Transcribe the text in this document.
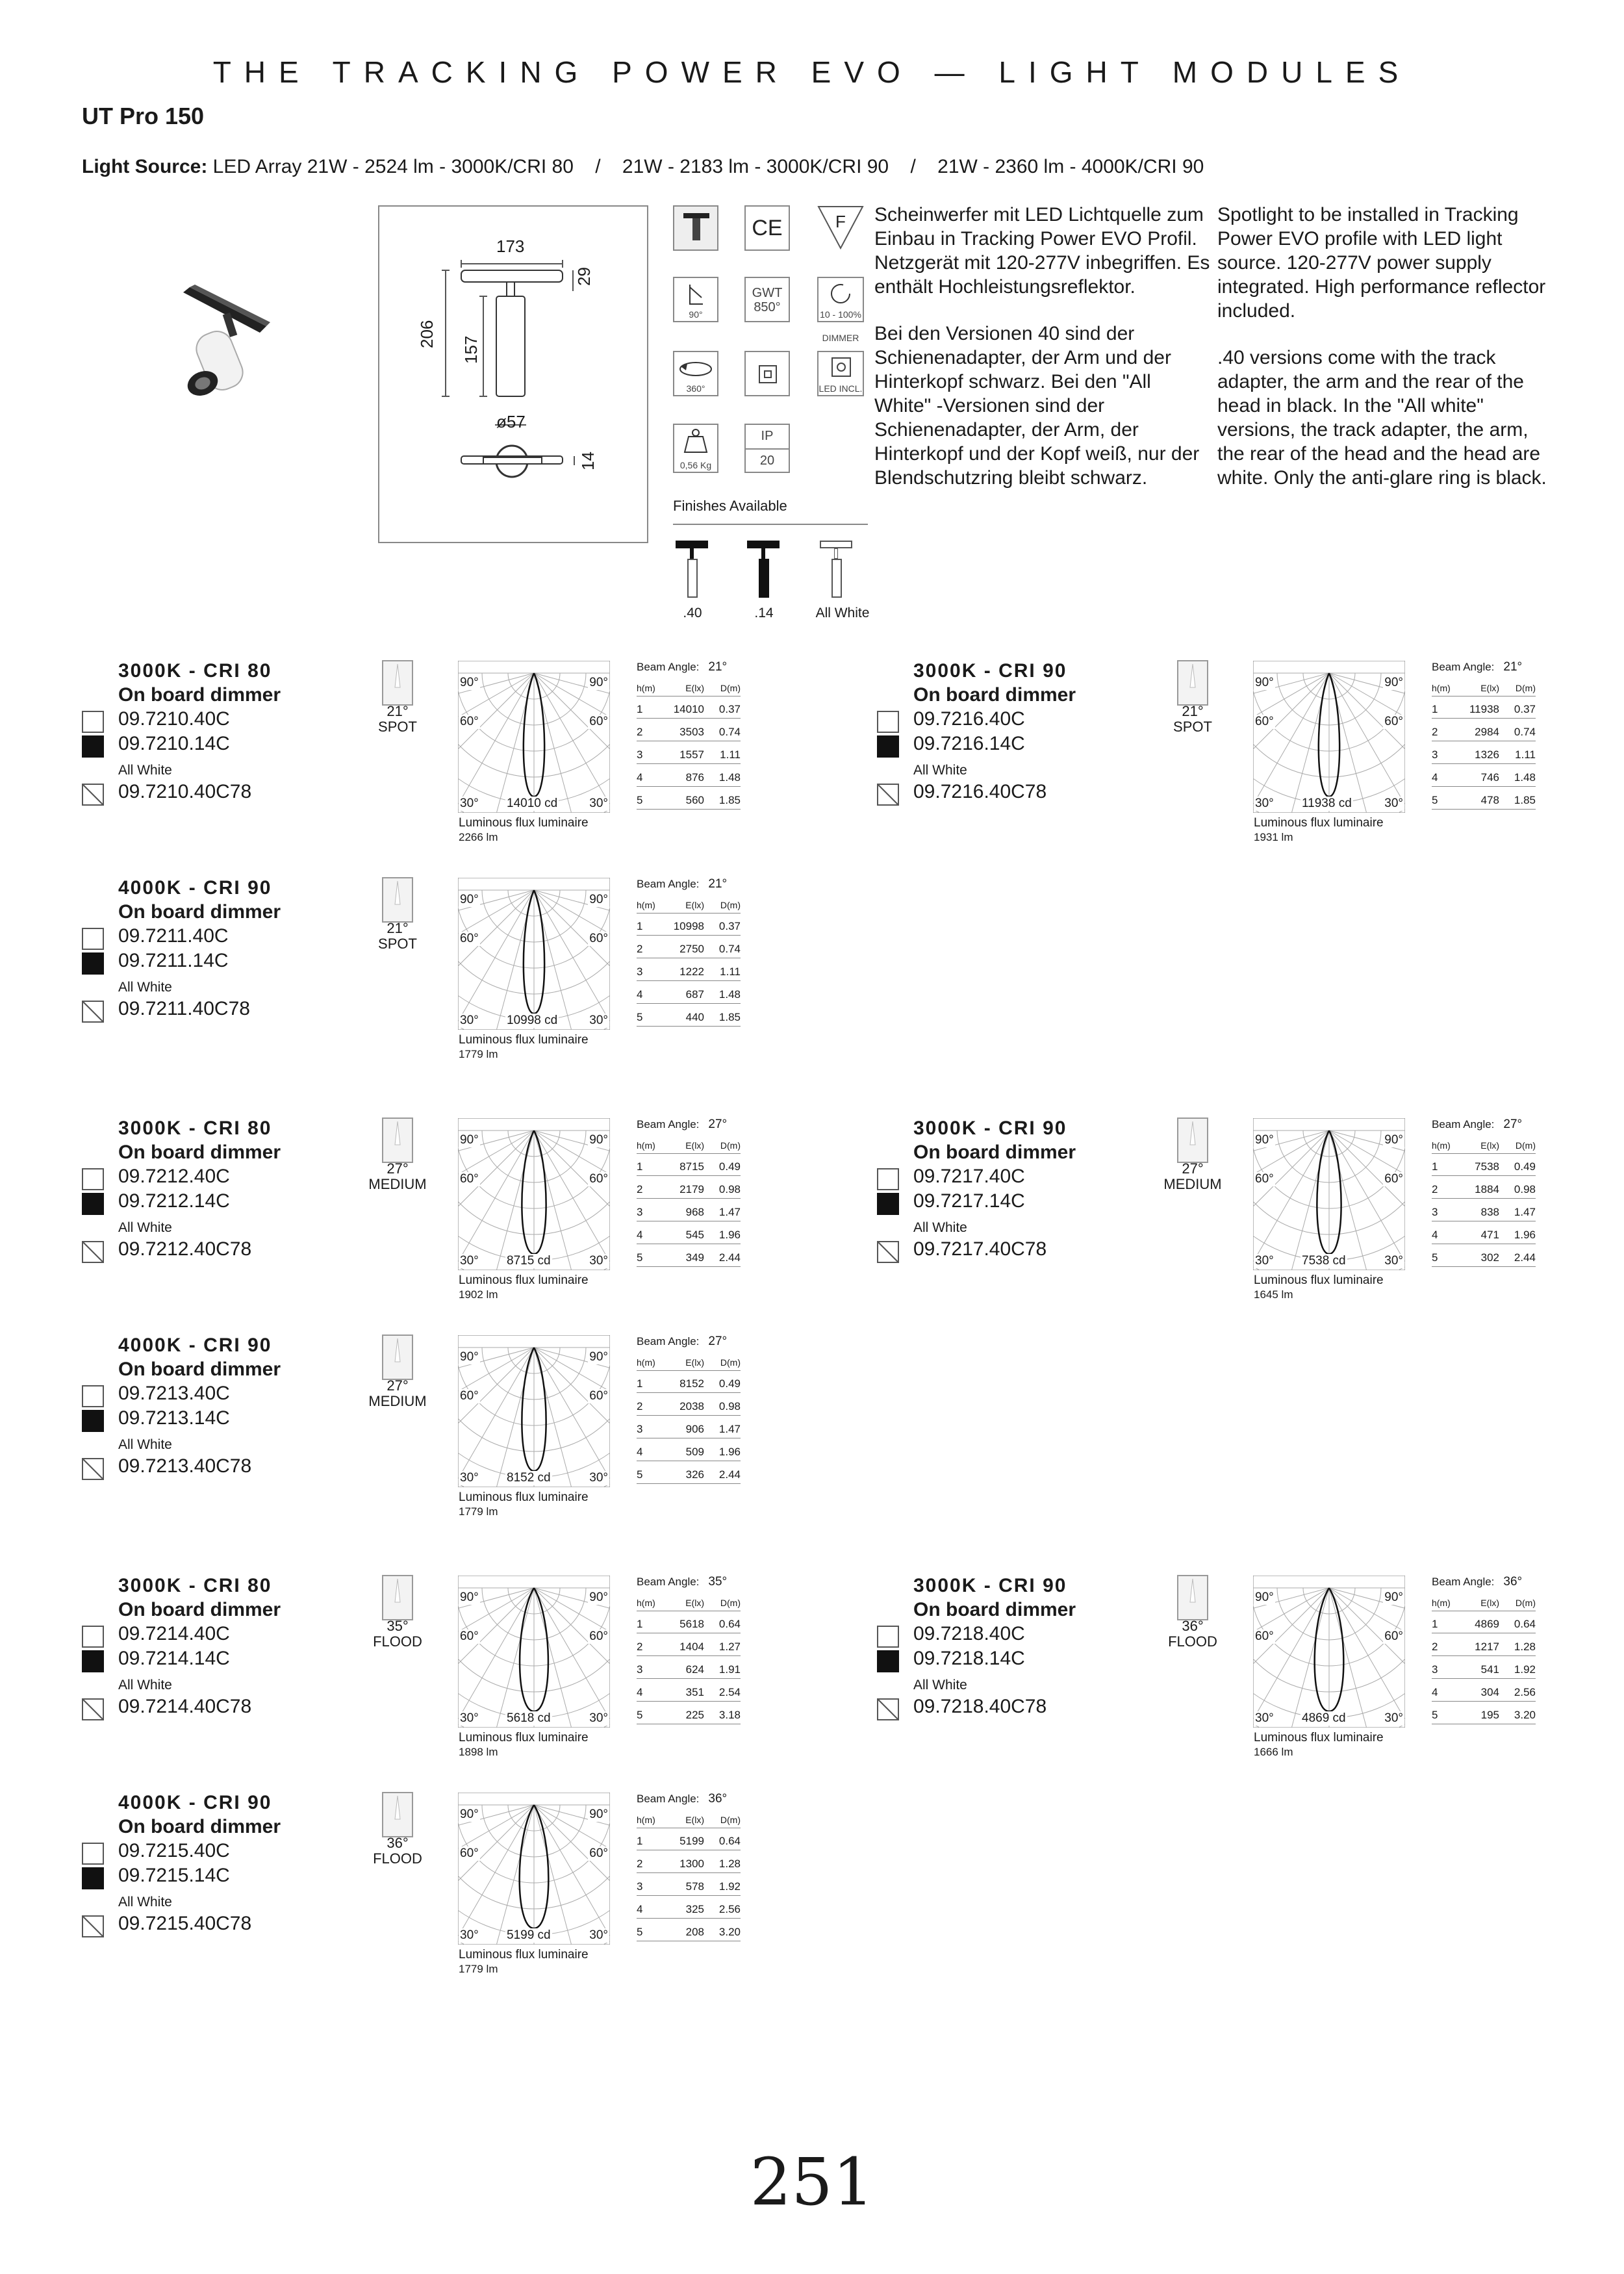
THE TRACKING POWER EVO — LIGHT MODULES
UT Pro 150
Light Source: LED Array 21W - 2524 lm - 3000K/CRI 80    /    21W - 2183 lm - 3000K/CRI 90    /    21W - 2360 lm - 4000K/CRI 90
173
29
206
157
ø57
14
CE	F
90°
GWT
850°	10 - 100%
DIMMER
360°	LED INCL.
0,56 Kg
IP
20
Finishes Available
.40	.14	All White

Scheinwerfer mit LED Lichtquelle zum Einbau in Tracking Power EVO Profil. Netzgerät mit 120-277V inbegriffen. Es enthält Hochleistungsreflektor.

Bei den Versionen 40 sind der Schienenadapter, der Arm und der Hinterkopf schwarz. Bei den "All White" -Versionen sind der Schienenadapter, der Arm, der Hinterkopf und der Kopf weiß, nur der Blendschutzring bleibt schwarz.

Spotlight to be installed in Tracking Power EVO profile with LED light source. 120-277V power supply integrated. High performance reflector included.

.40 versions come with the track adapter, the arm and the rear of the head in black. In the "All white" versions, the track adapter, the arm, the rear of the head and the head are white. Only the anti-glare ring is black.

3000K - CRI 80
On board dimmer
09.7210.40C
09.7210.14C
09.7210.40C78
All White
21°
SPOT
90°	90°
60°	60°
30°	30°
14010 cd
Luminous flux luminaire
2266 lm
Beam Angle: 21°
h(m)	E(lx) D(m)
1	14010 0.37
2	3503 0.74
3	1557 1.11
4	876 1.48
5	560 1.85
3000K - CRI 90
On board dimmer
09.7216.40C
09.7216.14C
09.7216.40C78
All White
21°
SPOT
90°	90°
60°	60°
30°	30°
11938 cd
Luminous flux luminaire
1931 lm
Beam Angle: 21°
h(m)	E(lx) D(m)
1	11938 0.37
2	2984 0.74
3	1326 1.11
4	746 1.48
5	478 1.85
4000K - CRI 90
On board dimmer
09.7211.40C
09.7211.14C
09.7211.40C78
All White
21°
SPOT
90°	90°
60°	60°
30°	30°
10998 cd
Luminous flux luminaire
1779 lm
Beam Angle: 21°
h(m)	E(lx) D(m)
1	10998 0.37
2	2750 0.74
3	1222 1.11
4	687 1.48
5	440 1.85
3000K - CRI 80
On board dimmer
09.7212.40C
09.7212.14C
09.7212.40C78
All White
27°
MEDIUM
90°	90°
60°	60°
30°	30°
8715 cd
Luminous flux luminaire
1902 lm
Beam Angle: 27°
h(m)	E(lx) D(m)
1	8715 0.49
2	2179 0.98
3	968 1.47
4	545 1.96
5	349 2.44
3000K - CRI 90
On board dimmer
09.7217.40C
09.7217.14C
09.7217.40C78
All White
27°
MEDIUM
90°	90°
60°	60°
30°	30°
7538 cd
Luminous flux luminaire
1645 lm
Beam Angle: 27°
h(m)	E(lx) D(m)
1	7538 0.49
2	1884 0.98
3	838 1.47
4	471 1.96
5	302 2.44
4000K - CRI 90
On board dimmer
09.7213.40C
09.7213.14C
09.7213.40C78
All White
27°
MEDIUM
90°	90°
60°	60°
30°	30°
8152 cd
Luminous flux luminaire
1779 lm
Beam Angle: 27°
h(m)	E(lx) D(m)
1	8152 0.49
2	2038 0.98
3	906 1.47
4	509 1.96
5	326 2.44
3000K - CRI 80
On board dimmer
09.7214.40C
09.7214.14C
09.7214.40C78
All White
35°
FLOOD
90°	90°
60°	60°
30°	30°
5618 cd
Luminous flux luminaire
1898 lm
Beam Angle: 35°
h(m)	E(lx) D(m)
1	5618 0.64
2	1404 1.27
3	624 1.91
4	351 2.54
5	225 3.18
3000K - CRI 90
On board dimmer
09.7218.40C
09.7218.14C
09.7218.40C78
All White
36°
FLOOD
90°	90°
60°	60°
30°	30°
4869 cd
Luminous flux luminaire
1666 lm
Beam Angle: 36°
h(m)	E(lx) D(m)
1	4869 0.64
2	1217 1.28
3	541 1.92
4	304 2.56
5	195 3.20
4000K - CRI 90
On board dimmer
09.7215.40C
09.7215.14C
09.7215.40C78
All White
36°
FLOOD
90°	90°
60°	60°
30°	30°
5199 cd
Luminous flux luminaire
1779 lm
Beam Angle: 36°
h(m)	E(lx) D(m)
1	5199 0.64
2	1300 1.28
3	578 1.92
4	325 2.56
5	208 3.20
251
